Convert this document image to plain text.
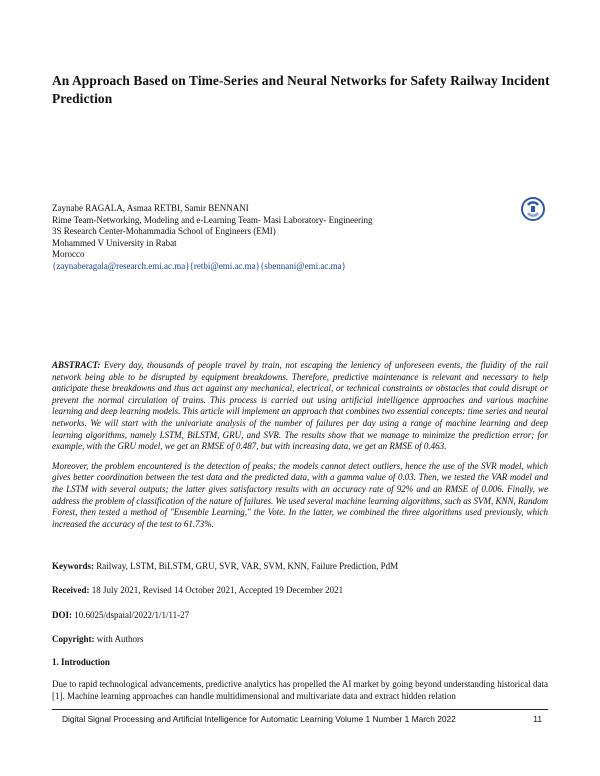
An Approach Based on Time-Series and Neural Networks for Safety Railway Incident Prediction
Zaynabe RAGALA, Asmaa RETBI, Samir BENNANI
Rime Team-Networking, Modeling and e-Learning Team- Masi Laboratory- Engineering
3S Research Center-Mohammadia School of Engineers (EMI)
Mohammed V University in Rabat
Morocco
{zaynaberagala@research.emi.ac.ma}{retbi@emi.ac.ma}{sbennani@emi.ac.ma}

ABSTRACT: Every day, thousands of people travel by train, not escaping the leniency of unforeseen events, the fluidity of the rail network being able to be disrupted by equipment breakdowns. Therefore, predictive maintenance is relevant and necessary to help anticipate these breakdowns and thus act against any mechanical, electrical, or technical constraints or obstacles that could disrupt or prevent the normal circulation of trains. This process is carried out using artificial intelligence approaches and various machine learning and deep learning models. This article will implement an approach that combines two essential concepts: time series and neural networks. We will start with the univariate analysis of the number of failures per day using a range of machine learning and deep learning algorithms, namely LSTM, BiLSTM, GRU, and SVR. The results show that we manage to minimize the prediction error; for example, with the GRU model, we get an RMSE of 0.487, but with increasing data, we get an RMSE of 0.463.

Moreover, the problem encountered is the detection of peaks; the models cannot detect outliers, hence the use of the SVR model, which gives better coordination between the test data and the predicted data, with a gamma value of 0.03. Then, we tested the VAR model and the LSTM with several outputs; the latter gives satisfactory results with an accuracy rate of 92% and an RMSE of 0.006. Finally, we address the problem of classification of the nature of failures. We used several machine learning algorithms, such as SVM, KNN, Random Forest, then tested a method of "Ensemble Learning," the Vote. In the latter, we combined the three algorithms used previously, which increased the accuracy of the test to 61.73%.

Keywords: Railway, LSTM, BiLSTM, GRU, SVR, VAR, SVM, KNN, Failure Prediction, PdM
Received: 18 July 2021, Revised 14 October 2021, Accepted 19 December 2021
DOI: 10.6025/dspaial/2022/1/1/11-27
Copyright: with Authors
1. Introduction
Due to rapid technological advancements, predictive analytics has propelled the AI market by going beyond understanding historical data [1]. Machine learning approaches can handle multidimensional and multivariate data and extract hidden relation
Digital Signal Processing and Artificial Intelligence for Automatic Learning Volume 1 Number 1 March 2022	11
